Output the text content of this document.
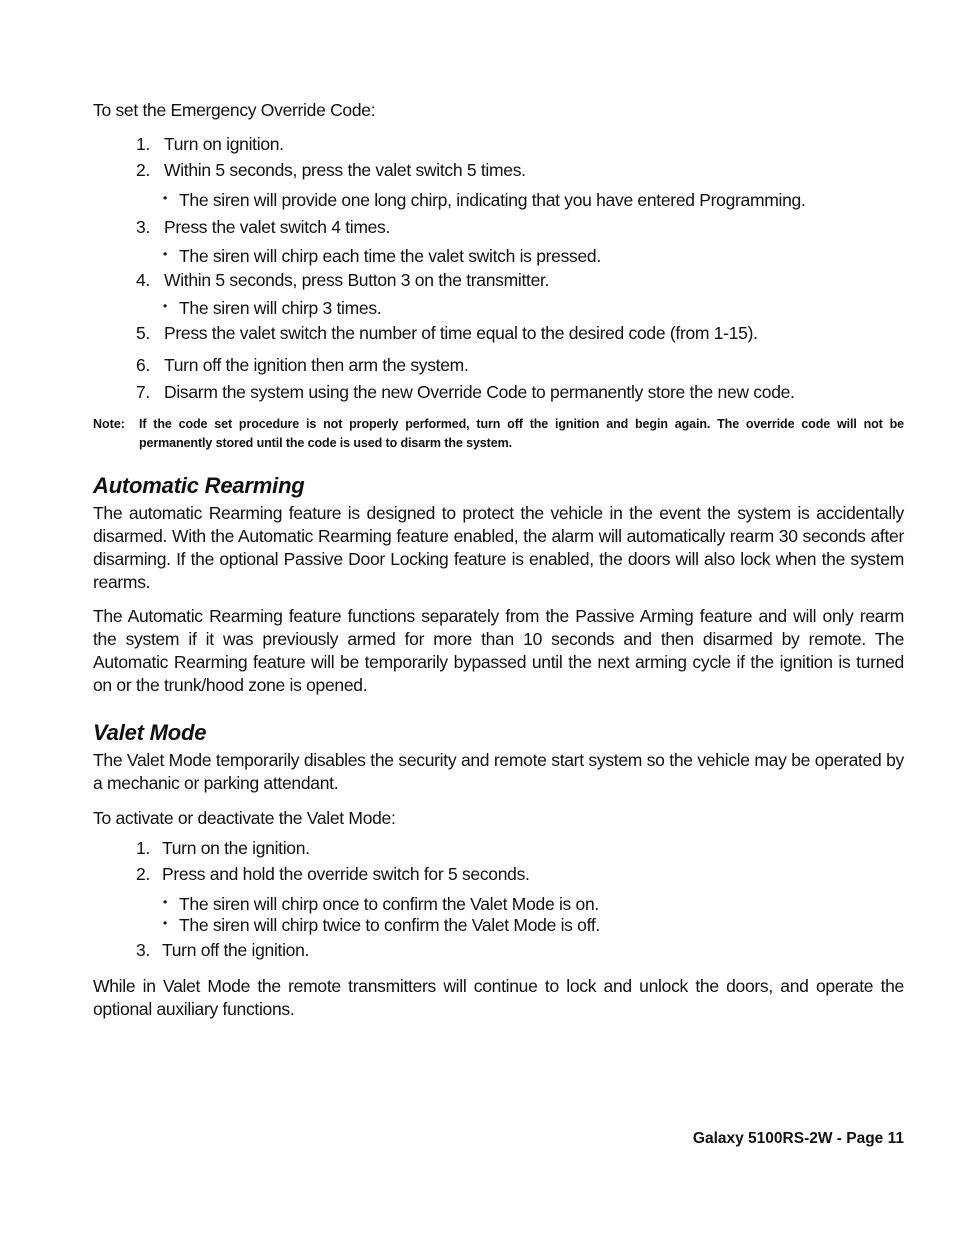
To set the Emergency Override Code:
1. Turn on ignition.
2. Within 5 seconds, press the valet switch 5 times.
• The siren will provide one long chirp, indicating that you have entered Programming.
3. Press the valet switch 4 times.
• The siren will chirp each time the valet switch is pressed.
4. Within 5 seconds, press Button 3 on the transmitter.
• The siren will chirp 3 times.
5. Press the valet switch the number of time equal to the desired code (from 1-15).
6. Turn off the ignition then arm the system.
7. Disarm the system using the new Override Code to permanently store the new code.
Note: If the code set procedure is not properly performed, turn off the ignition and begin again. The override code will not be permanently stored until the code is used to disarm the system.
Automatic Rearming
The automatic Rearming feature is designed to protect the vehicle in the event the system is accidentally disarmed. With the Automatic Rearming feature enabled, the alarm will automatically rearm 30 seconds after disarming. If the optional Passive Door Locking feature is enabled, the doors will also lock when the system rearms.
The Automatic Rearming feature functions separately from the Passive Arming feature and will only rearm the system if it was previously armed for more than 10 seconds and then disarmed by remote. The Automatic Rearming feature will be temporarily bypassed until the next arming cycle if the ignition is turned on or the trunk/hood zone is opened.
Valet Mode
The Valet Mode temporarily disables the security and remote start system so the vehicle may be operated by a mechanic or parking attendant.
To activate or deactivate the Valet Mode:
1. Turn on the ignition.
2. Press and hold the override switch for 5 seconds.
• The siren will chirp once to confirm the Valet Mode is on.
• The siren will chirp twice to confirm the Valet Mode is off.
3. Turn off the ignition.
While in Valet Mode the remote transmitters will continue to lock and unlock the doors, and operate the optional auxiliary functions.
Galaxy 5100RS-2W - Page 11
